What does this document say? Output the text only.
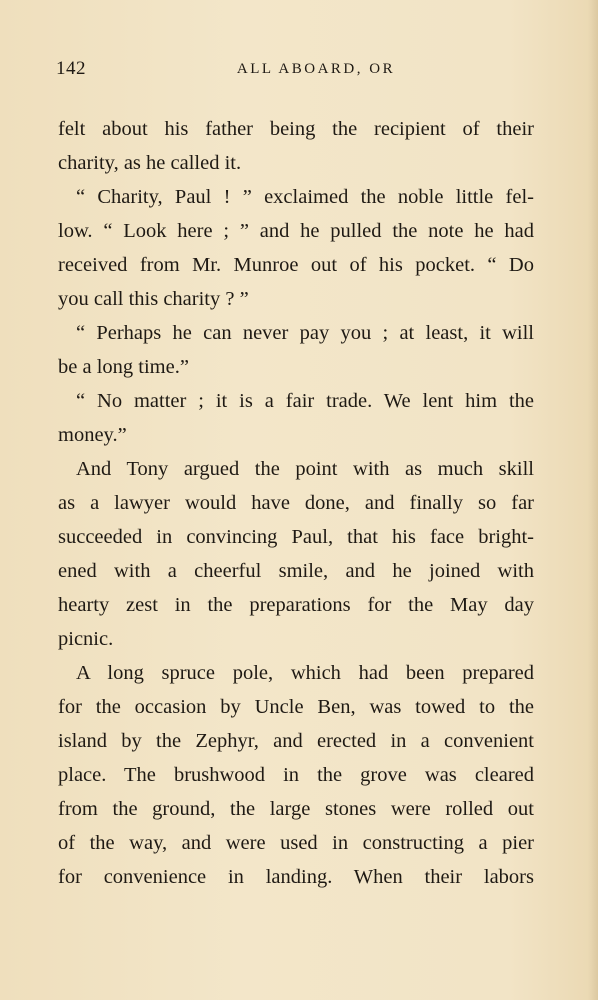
142	ALL ABOARD, OR
felt about his father being the recipient of their
charity, as he called it.
“ Charity, Paul ! ” exclaimed the noble little fel-
low. “ Look here ; ” and he pulled the note he had
received from Mr. Munroe out of his pocket. “ Do
you call this charity ? ”
“ Perhaps he can never pay you ; at least, it will
be a long time.”
“ No matter ; it is a fair trade. We lent him the
money.”
And Tony argued the point with as much skill
as a lawyer would have done, and finally so far
succeeded in convincing Paul, that his face bright-
ened with a cheerful smile, and he joined with
hearty zest in the preparations for the May day
picnic.
A long spruce pole, which had been prepared
for the occasion by Uncle Ben, was towed to the
island by the Zephyr, and erected in a convenient
place. The brushwood in the grove was cleared
from the ground, the large stones were rolled out
of the way, and were used in constructing a pier
for convenience in landing. When their labors
